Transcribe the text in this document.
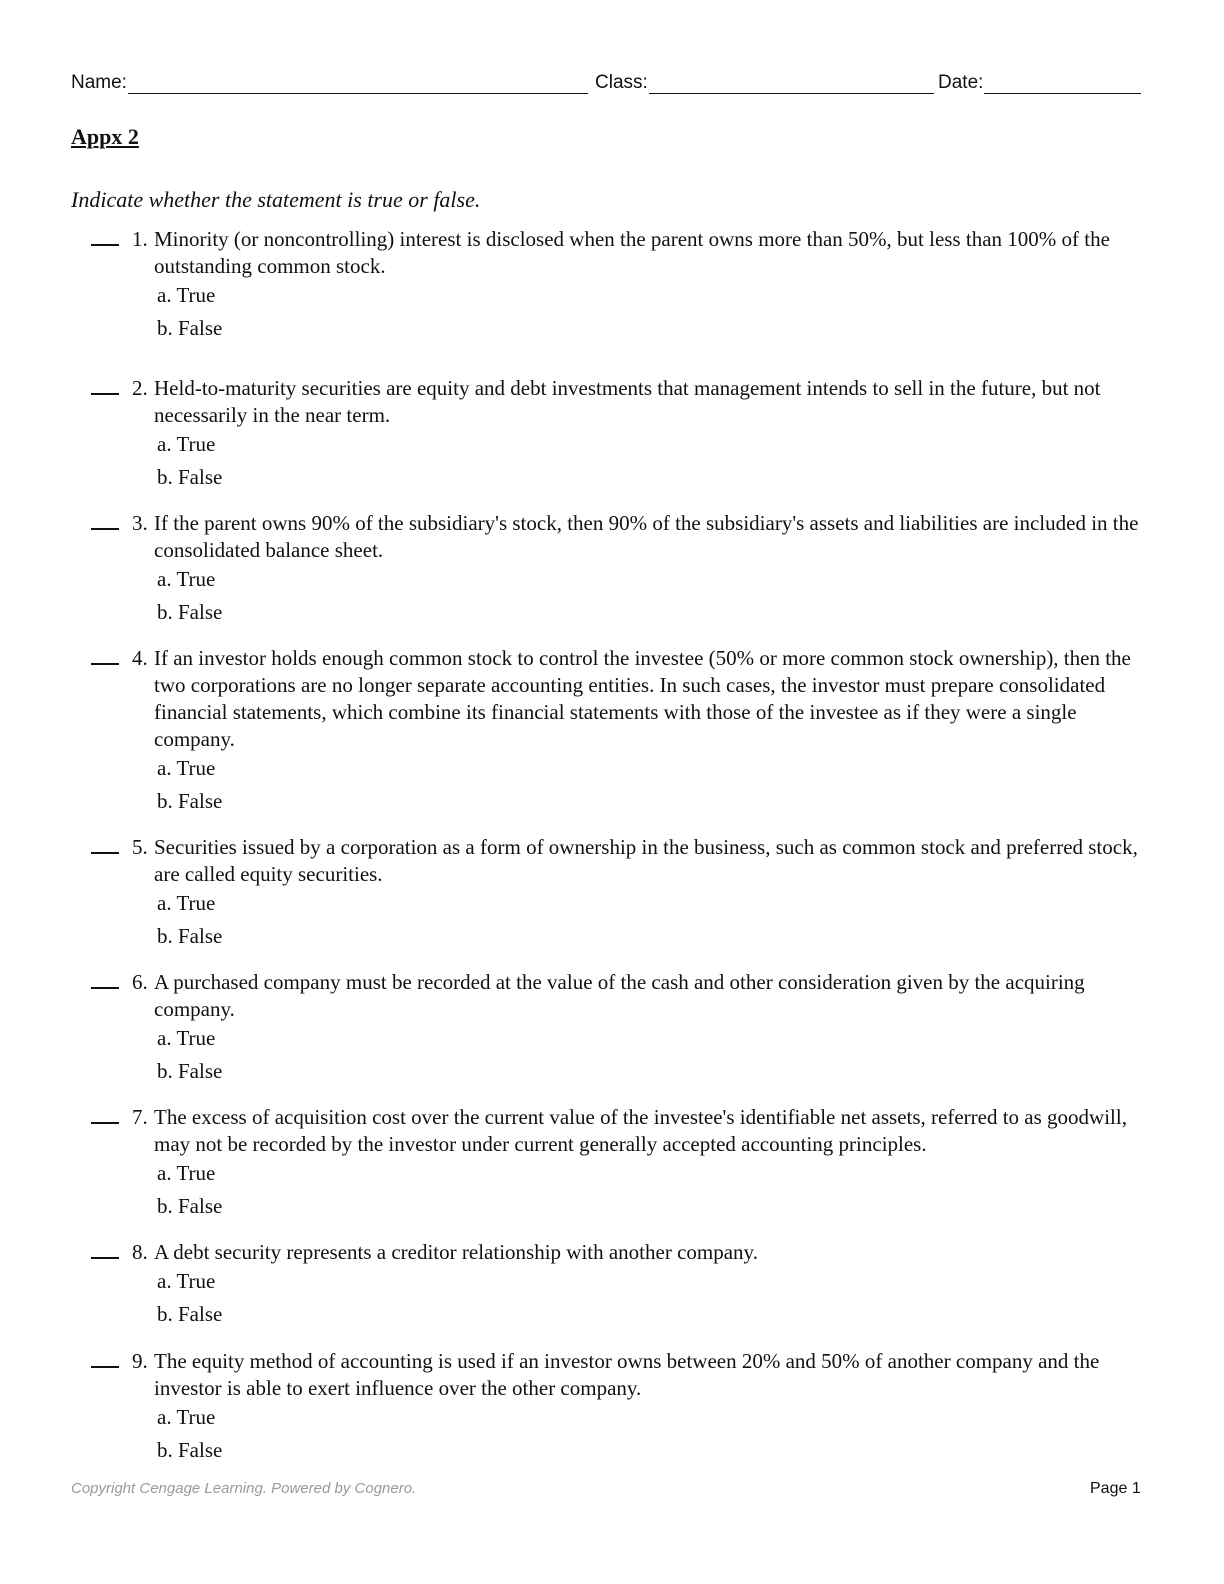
Name:	Class:	Date:
Appx 2

Indicate whether the statement is true or false.

1. Minority (or noncontrolling) interest is disclosed when the parent owns more than 50%, but less than 100% of the outstanding common stock.

a. True
b. False
2. Held-to-maturity securities are equity and debt investments that management intends to sell in the future, but not necessarily in the near term.

a. True
b. False
3. If the parent owns 90% of the subsidiary's stock, then 90% of the subsidiary's assets and liabilities are included in the consolidated balance sheet.

a. True
b. False
4. If an investor holds enough common stock to control the investee (50% or more common stock ownership), then the two corporations are no longer separate accounting entities. In such cases, the investor must prepare consolidated financial statements, which combine its financial statements with those of the investee as if they were a single company.

a. True
b. False
5. Securities issued by a corporation as a form of ownership in the business, such as common stock and preferred stock, are called equity securities.

a. True
b. False
6. A purchased company must be recorded at the value of the cash and other consideration given by the acquiring company.

a. True
b. False
7. The excess of acquisition cost over the current value of the investee's identifiable net assets, referred to as goodwill, may not be recorded by the investor under current generally accepted accounting principles.

a. True
b. False
8. A debt security represents a creditor relationship with another company.

a. True
b. False
9. The equity method of accounting is used if an investor owns between 20% and 50% of another company and the investor is able to exert influence over the other company.

a. True
b. False
Copyright Cengage Learning. Powered by Cognero.	Page 1
